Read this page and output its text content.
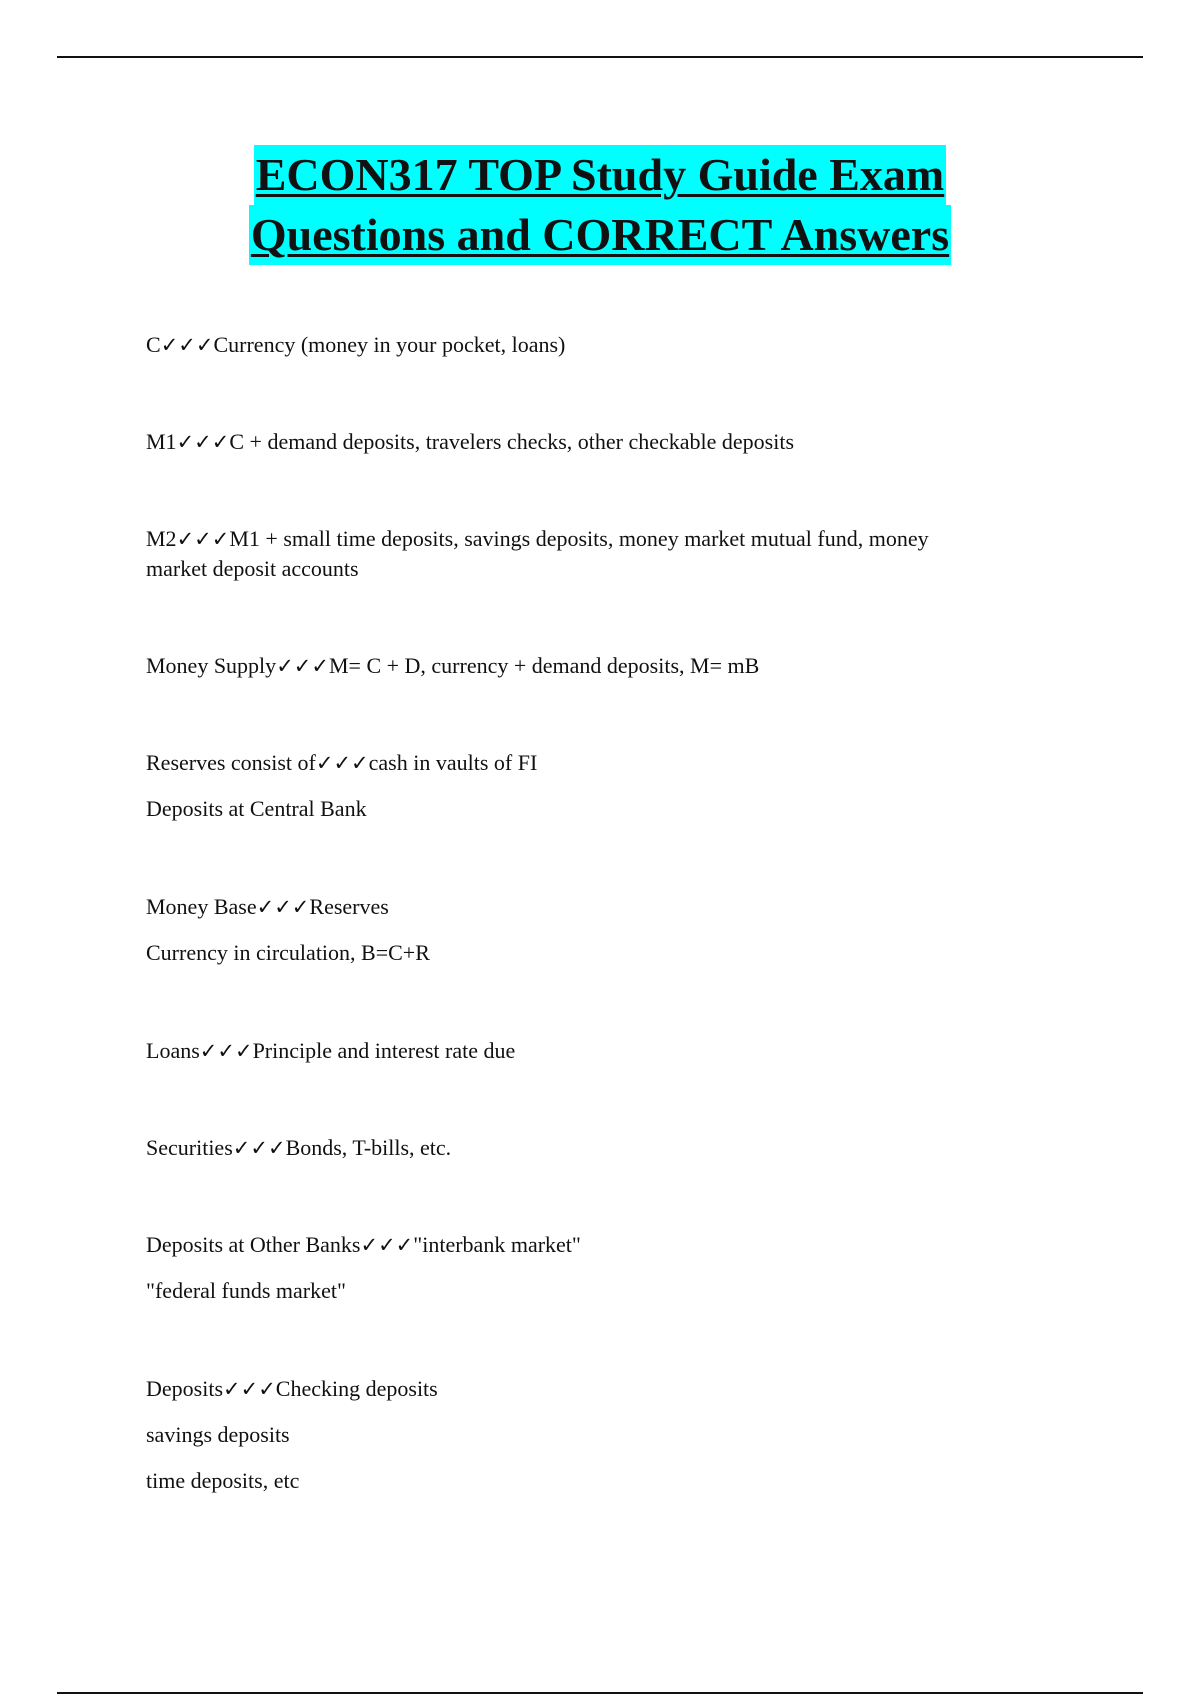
ECON317 TOP Study Guide Exam
Questions and CORRECT Answers

C✓✓✓Currency (money in your pocket, loans)

M1✓✓✓C + demand deposits, travelers checks, other checkable deposits

M2✓✓✓M1 + small time deposits, savings deposits, money market mutual fund, money
market deposit accounts

Money Supply✓✓✓M= C + D, currency + demand deposits, M= mB

Reserves consist of✓✓✓cash in vaults of FI
Deposits at Central Bank

Money Base✓✓✓Reserves
Currency in circulation, B=C+R

Loans✓✓✓Principle and interest rate due

Securities✓✓✓Bonds, T-bills, etc.

Deposits at Other Banks✓✓✓"interbank market"
"federal funds market"

Deposits✓✓✓Checking deposits
savings deposits
time deposits, etc
